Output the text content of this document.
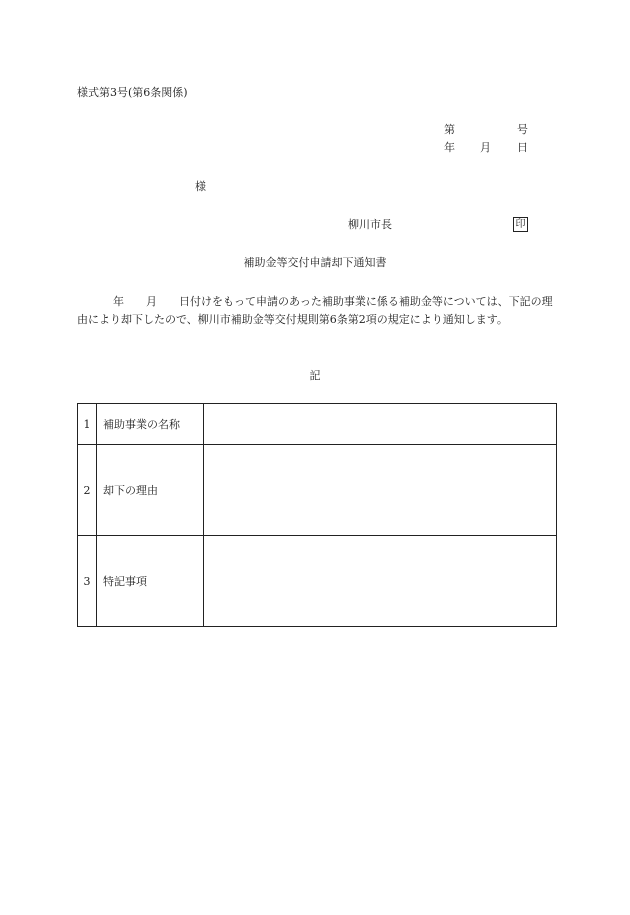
様式第3号(第6条関係)
第	号
年 月 日
様
柳川市長	印
補助金等交付申請却下通知書
年 月 日付けをもって申請のあった補助事業に係る補助金等については、下記の理由により却下したので、柳川市補助金等交付規則第6条第2項の規定により通知します。
記
1	補助事業の名称	
2	却下の理由	
3	特記事項	
